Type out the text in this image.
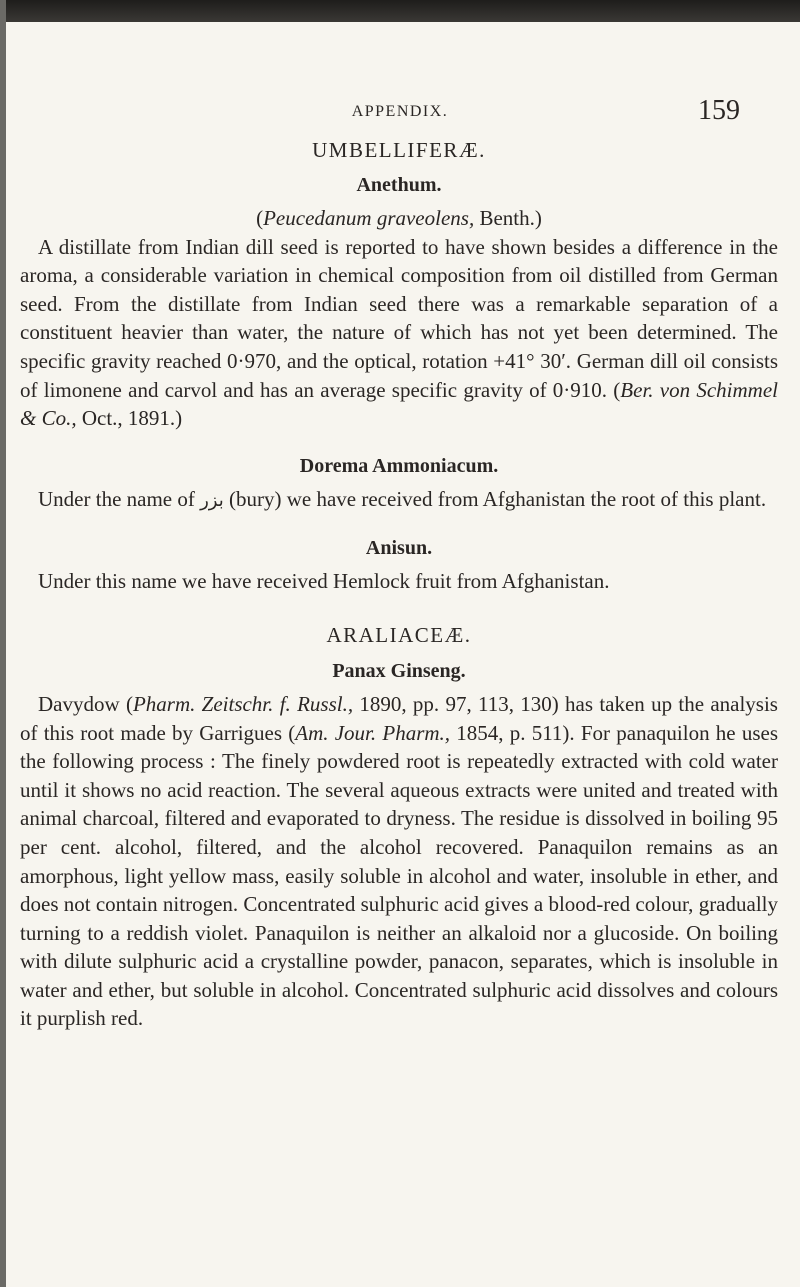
APPENDIX.	159
UMBELLIFERÆ.
Anethum.

(Peucedanum graveolens, Benth.)

A distillate from Indian dill seed is reported to have shown besides a difference in the aroma, a considerable variation in chemical composition from oil distilled from German seed. From the distillate from Indian seed there was a remarkable separation of a constituent heavier than water, the nature of which has not yet been determined. The specific gravity reached 0·970, and the optical, rotation +41° 30′. German dill oil consists of limonene and carvol and has an average specific gravity of 0·910. (Ber. von Schimmel & Co., Oct., 1891.)

Dorema Ammoniacum.

Under the name of بزر (bury) we have received from Afghanistan the root of this plant.

Anisun.

Under this name we have received Hemlock fruit from Afghanistan.

ARALIACEÆ.
Panax Ginseng.

Davydow (Pharm. Zeitschr. f. Russl., 1890, pp. 97, 113, 130) has taken up the analysis of this root made by Garrigues (Am. Jour. Pharm., 1854, p. 511). For panaquilon he uses the following process : The finely powdered root is repeatedly extracted with cold water until it shows no acid reaction. The several aqueous extracts were united and treated with animal charcoal, filtered and evaporated to dryness. The residue is dissolved in boiling 95 per cent. alcohol, filtered, and the alcohol recovered. Panaquilon remains as an amorphous, light yellow mass, easily soluble in alcohol and water, insoluble in ether, and does not contain nitrogen. Concentrated sulphuric acid gives a blood-red colour, gradually turning to a reddish violet. Panaquilon is neither an alkaloid nor a glucoside. On boiling with dilute sulphuric acid a crystalline powder, panacon, separates, which is insoluble in water and ether, but soluble in alcohol. Concentrated sulphuric acid dissolves and colours it purplish red.
